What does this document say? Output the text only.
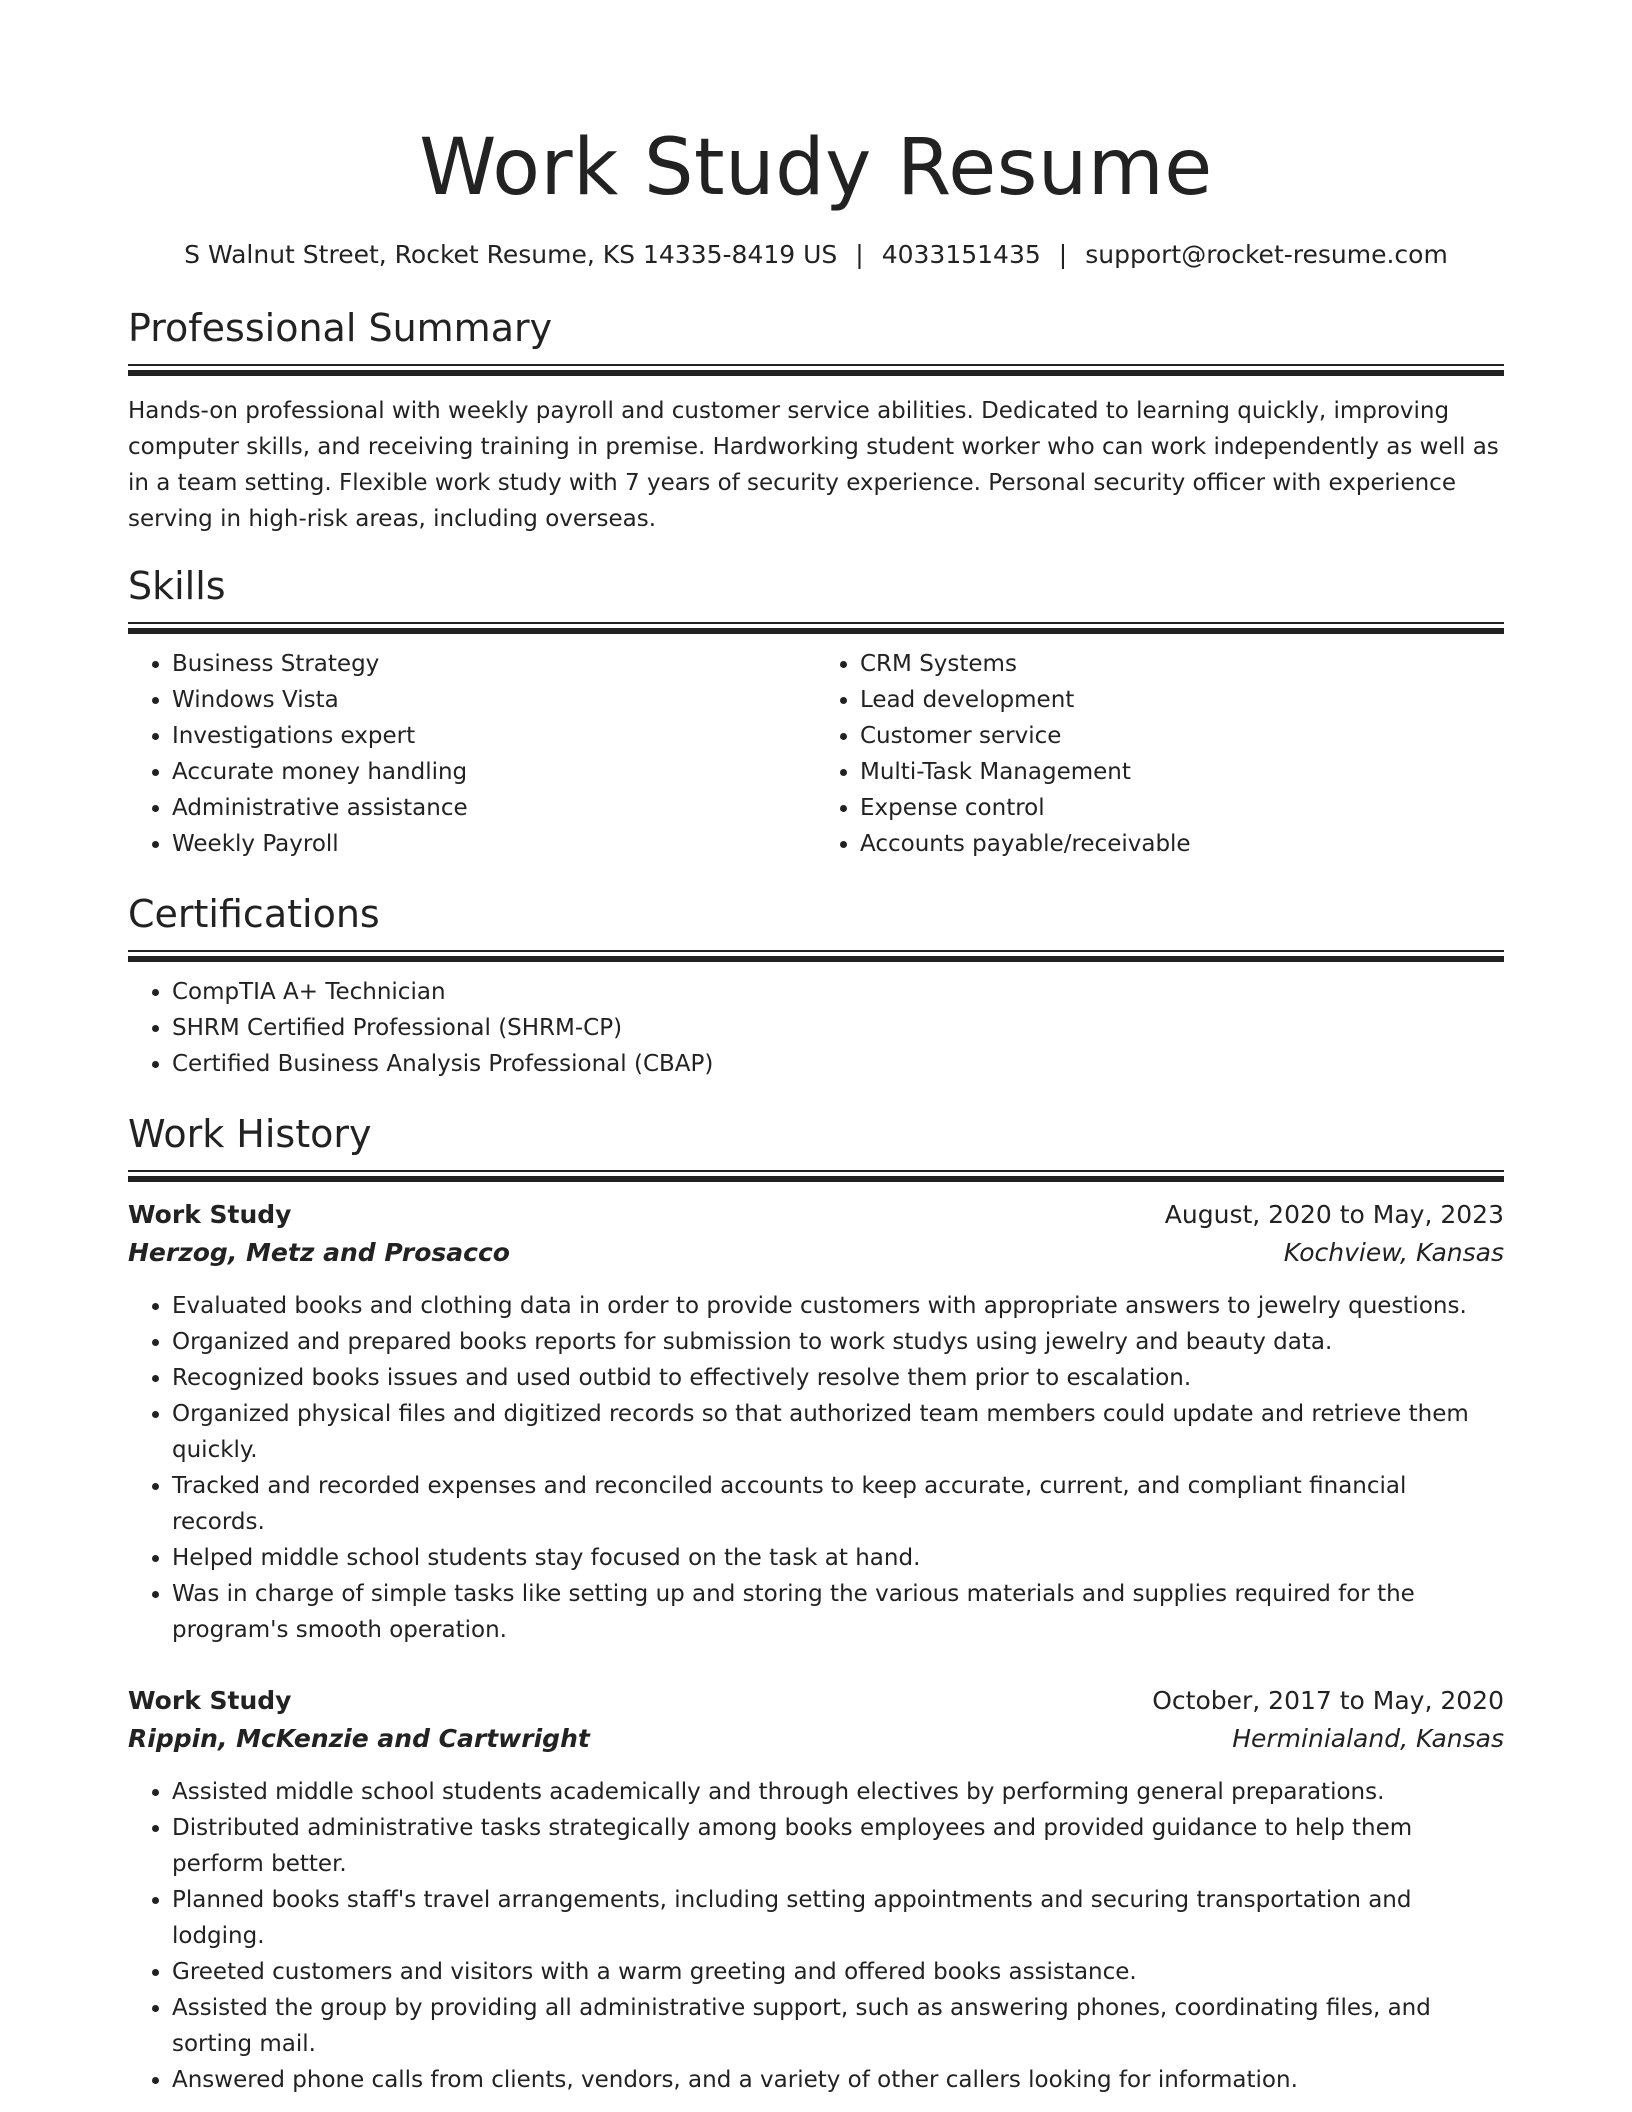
Work Study Resume
S Walnut Street, Rocket Resume, KS 14335-8419 US | 4033151435 | support@rocket-resume.com
Professional Summary

Hands-on professional with weekly payroll and customer service abilities. Dedicated to learning quickly, improving computer skills, and receiving training in premise. Hardworking student worker who can work independently as well as in a team setting. Flexible work study with 7 years of security experience. Personal security officer with experience serving in high-risk areas, including overseas.

Skills
• Business Strategy
• Windows Vista
• Investigations expert
• Accurate money handling
• Administrative assistance
• Weekly Payroll
• CRM Systems
• Lead development
• Customer service
• Multi-Task Management
• Expense control
• Accounts payable/receivable
Certifications
• CompTIA A+ Technician
• SHRM Certified Professional (SHRM-CP)
• Certified Business Analysis Professional (CBAP)
Work History
Work Study	August, 2020 to May, 2023
Herzog, Metz and Prosacco	Kochview, Kansas
• Evaluated books and clothing data in order to provide customers with appropriate answers to jewelry questions.
• Organized and prepared books reports for submission to work studys using jewelry and beauty data.
• Recognized books issues and used outbid to effectively resolve them prior to escalation.
• Organized physical files and digitized records so that authorized team members could update and retrieve them quickly.
• Tracked and recorded expenses and reconciled accounts to keep accurate, current, and compliant financial records.
• Helped middle school students stay focused on the task at hand.
• Was in charge of simple tasks like setting up and storing the various materials and supplies required for the program's smooth operation.
Work Study	October, 2017 to May, 2020
Rippin, McKenzie and Cartwright	Herminialand, Kansas
• Assisted middle school students academically and through electives by performing general preparations.
• Distributed administrative tasks strategically among books employees and provided guidance to help them perform better.
• Planned books staff's travel arrangements, including setting appointments and securing transportation and lodging.
• Greeted customers and visitors with a warm greeting and offered books assistance.
• Assisted the group by providing all administrative support, such as answering phones, coordinating files, and sorting mail.
• Answered phone calls from clients, vendors, and a variety of other callers looking for information.
